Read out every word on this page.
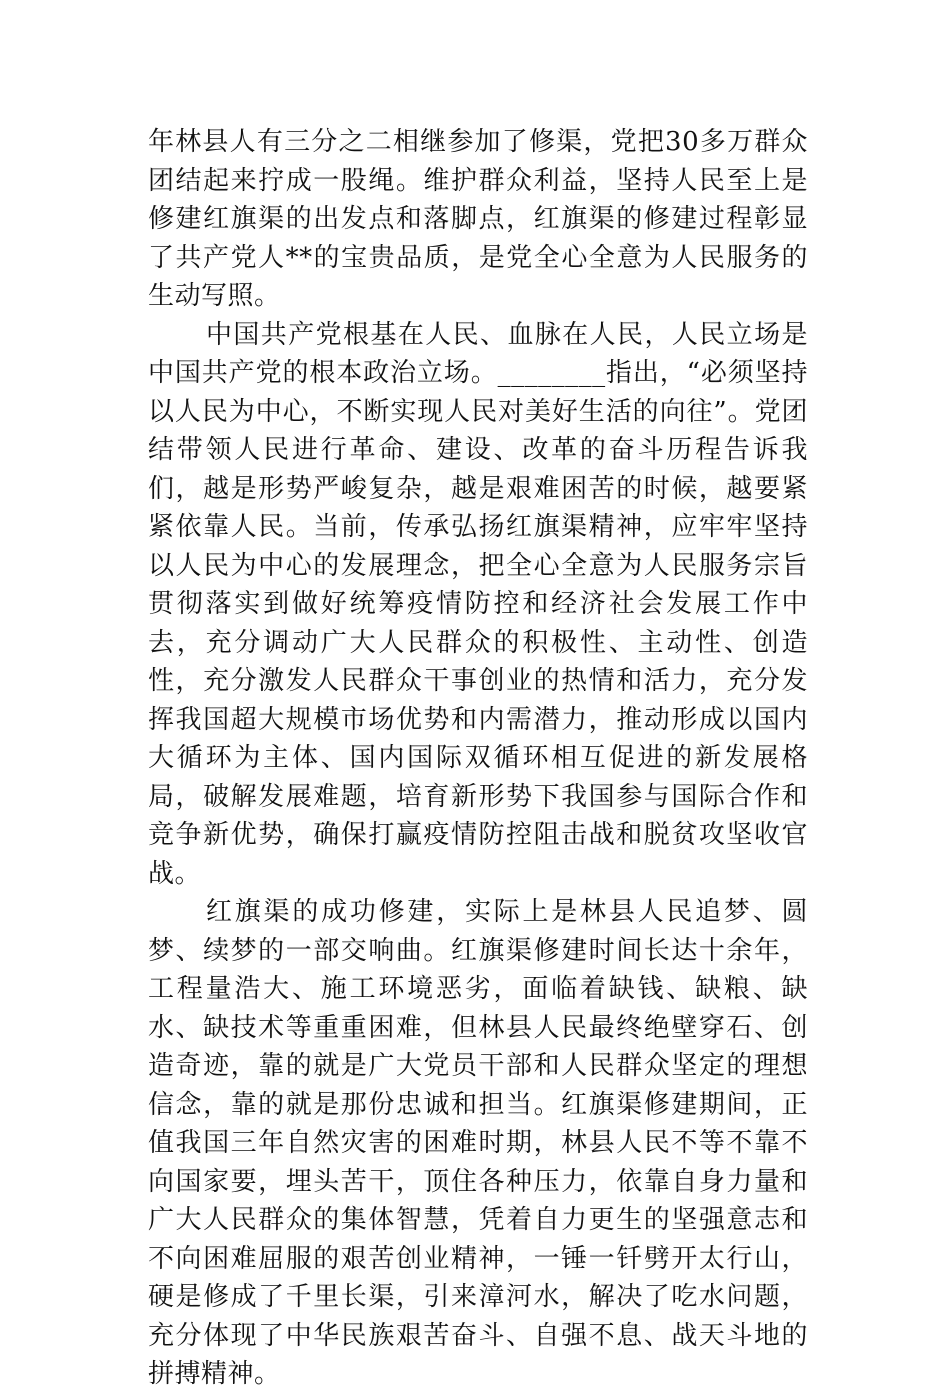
年林县人有三分之二相继参加了修渠，党把30多万群众团结起来拧成一股绳。维护群众利益，坚持人民至上是修建红旗渠的出发点和落脚点，红旗渠的修建过程彰显了共产党人**的宝贵品质，是党全心全意为人民服务的生动写照。

中国共产党根基在人民、血脉在人民，人民立场是中国共产党的根本政治立场。________指出，“必须坚持以人民为中心，不断实现人民对美好生活的向往”。党团结带领人民进行革命、建设、改革的奋斗历程告诉我们，越是形势严峻复杂，越是艰难困苦的时候，越要紧紧依靠人民。当前，传承弘扬红旗渠精神，应牢牢坚持以人民为中心的发展理念，把全心全意为人民服务宗旨贯彻落实到做好统筹疫情防控和经济社会发展工作中去，充分调动广大人民群众的积极性、主动性、创造性，充分激发人民群众干事创业的热情和活力，充分发挥我国超大规模市场优势和内需潜力，推动形成以国内大循环为主体、国内国际双循环相互促进的新发展格局，破解发展难题，培育新形势下我国参与国际合作和竞争新优势，确保打赢疫情防控阻击战和脱贫攻坚收官战。

红旗渠的成功修建，实际上是林县人民追梦、圆梦、续梦的一部交响曲。红旗渠修建时间长达十余年，工程量浩大、施工环境恶劣，面临着缺钱、缺粮、缺水、缺技术等重重困难，但林县人民最终绝壁穿石、创造奇迹，靠的就是广大党员干部和人民群众坚定的理想信念，靠的就是那份忠诚和担当。红旗渠修建期间，正值我国三年自然灾害的困难时期，林县人民不等不靠不向国家要，埋头苦干，顶住各种压力，依靠自身力量和广大人民群众的集体智慧，凭着自力更生的坚强意志和不向困难屈服的艰苦创业精神，一锤一钎劈开太行山，硬是修成了千里长渠，引来漳河水，解决了吃水问题，充分体现了中华民族艰苦奋斗、自强不息、战天斗地的拼搏精神。
